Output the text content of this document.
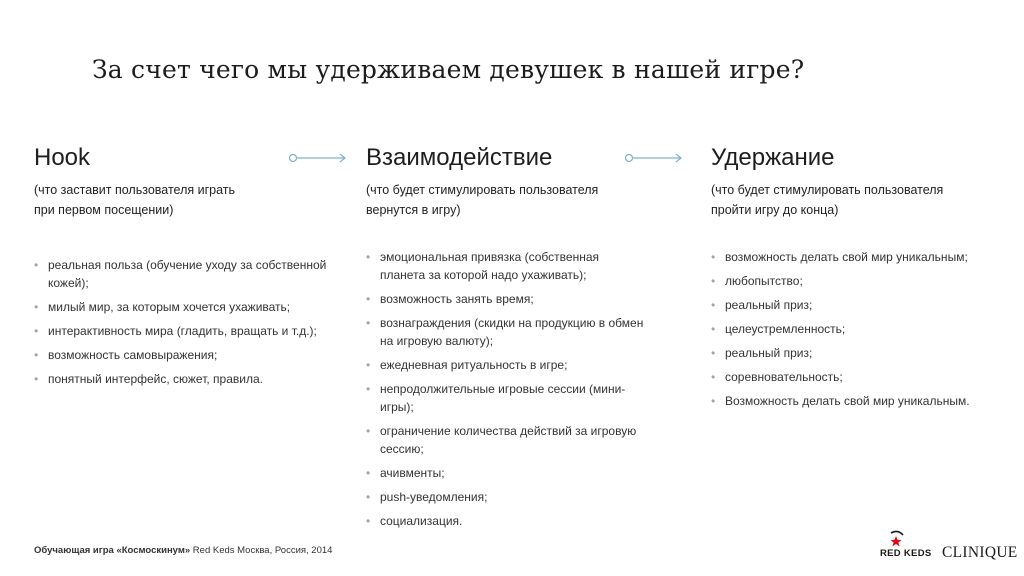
За счет чего мы удерживаем девушек в нашей игре?
Hook
(что заставит пользователя играть
при первом посещении)
• реальная польза (обучение уходу за собственной кожей);
• милый мир, за которым хочется ухаживать;
• интерактивность мира (гладить, вращать и т.д.);
• возможность самовыражения;
• понятный интерфейс, сюжет, правила.
Взаимодействие
(что будет стимулировать пользователя
вернутся в игру)
• эмоциональная привязка (собственная планета за которой надо ухаживать);
• возможность занять время;
• вознаграждения (скидки на продукцию в обмен на игровую валюту);
• ежедневная ритуальность в игре;
• непродолжительные игровые сессии (мини-игры);
• ограничение количества действий за игровую сессию;
• ачивменты;
• push-уведомления;
• социализация.
Удержание
(что будет стимулировать пользователя
пройти игру до конца)
• возможность делать свой мир уникальным;
• любопытство;
• реальный приз;
• целеустремленность;
• реальный приз;
• соревновательность;
• Возможность делать свой мир уникальным.
Обучающая игра «Космоскинум» Red Keds Москва, Россия, 2014	RED KEDS CLINIQUE
